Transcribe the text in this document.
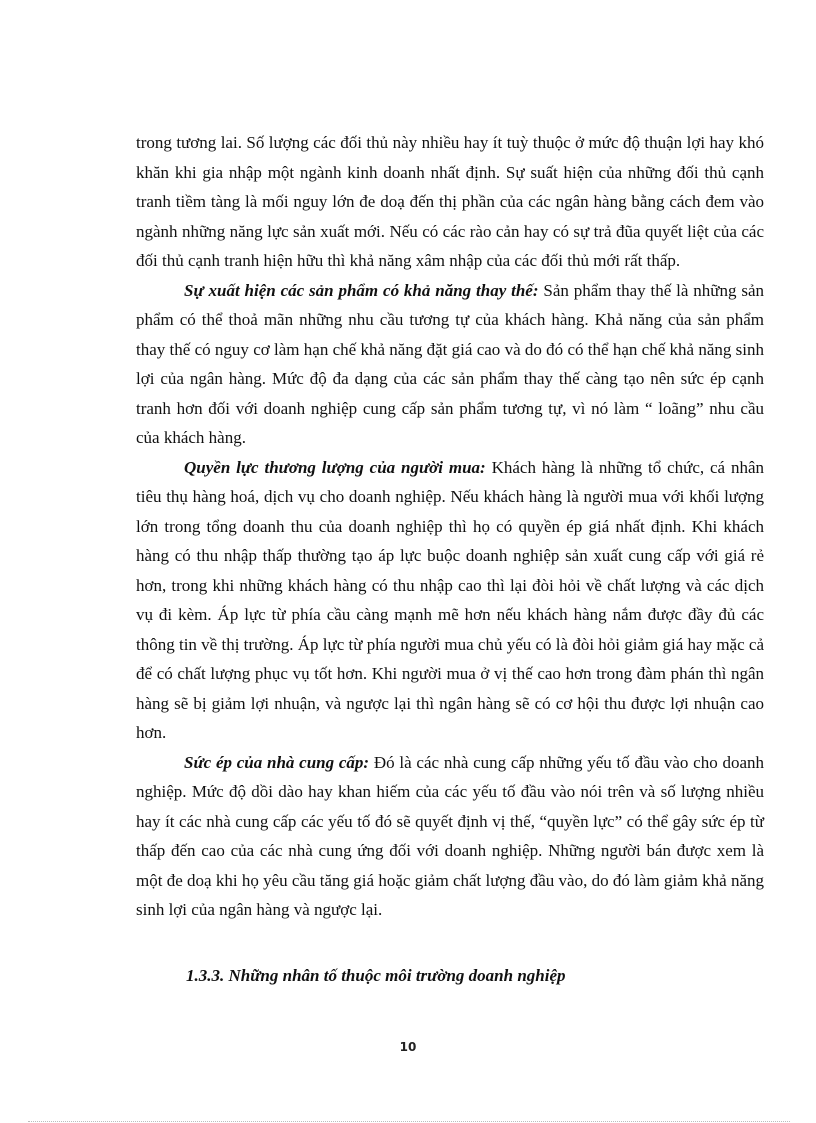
trong tương lai. Số lượng các đối thủ này nhiều hay ít tuỳ thuộc ở mức độ thuận lợi hay khó khăn khi gia nhập một ngành kinh doanh nhất định. Sự suất hiện của những đối thủ cạnh tranh tiềm tàng là mối nguy lớn đe doạ đến thị phần của các ngân hàng bằng cách đem vào ngành những năng lực sản xuất mới. Nếu có các rào cản hay có sự trả đũa quyết liệt của các đối thủ cạnh tranh hiện hữu thì khả năng xâm nhập của các đối thủ mới rất thấp.

Sự xuất hiện các sản phẩm có khả năng thay thế: Sản phẩm thay thế là những sản phẩm có thể thoả mãn những nhu cầu tương tự của khách hàng. Khả năng của sản phẩm thay thế có nguy cơ làm hạn chế khả năng đặt giá cao và do đó có thể hạn chế khả năng sinh lợi của ngân hàng. Mức độ đa dạng của các sản phẩm thay thế càng tạo nên sức ép cạnh tranh hơn đối với doanh nghiệp cung cấp sản phẩm tương tự, vì nó làm “ loãng” nhu cầu của khách hàng.

Quyền lực thương lượng của người mua: Khách hàng là những tổ chức, cá nhân tiêu thụ hàng hoá, dịch vụ cho doanh nghiệp. Nếu khách hàng là người mua với khối lượng lớn trong tổng doanh thu của doanh nghiệp thì họ có quyền ép giá nhất định. Khi khách hàng có thu nhập thấp thường tạo áp lực buộc doanh nghiệp sản xuất cung cấp với giá rẻ hơn, trong khi những khách hàng có thu nhập cao thì lại đòi hỏi về chất lượng và các dịch vụ đi kèm. Áp lực từ phía cầu càng mạnh mẽ hơn nếu khách hàng nắm được đầy đủ các thông tin về thị trường. Áp lực từ phía người mua chủ yếu có là đòi hỏi giảm giá hay mặc cả để có chất lượng phục vụ tốt hơn. Khi người mua ở vị thế cao hơn trong đàm phán thì ngân hàng sẽ bị giảm lợi nhuận, và ngược lại thì ngân hàng sẽ có cơ hội thu được lợi nhuận cao hơn.

Sức ép của nhà cung cấp: Đó là các nhà cung cấp những yếu tố đầu vào cho doanh nghiệp. Mức độ dồi dào hay khan hiếm của các yếu tố đầu vào nói trên và số lượng nhiều hay ít các nhà cung cấp các yếu tố đó sẽ quyết định vị thế, “quyền lực” có thể gây sức ép từ thấp đến cao của các nhà cung ứng đối với doanh nghiệp. Những người bán được xem là một đe doạ khi họ yêu cầu tăng giá hoặc giảm chất lượng đầu vào, do đó làm giảm khả năng sinh lợi của ngân hàng và ngược lại.

1.3.3. Những nhân tố thuộc môi trường doanh nghiệp
10
